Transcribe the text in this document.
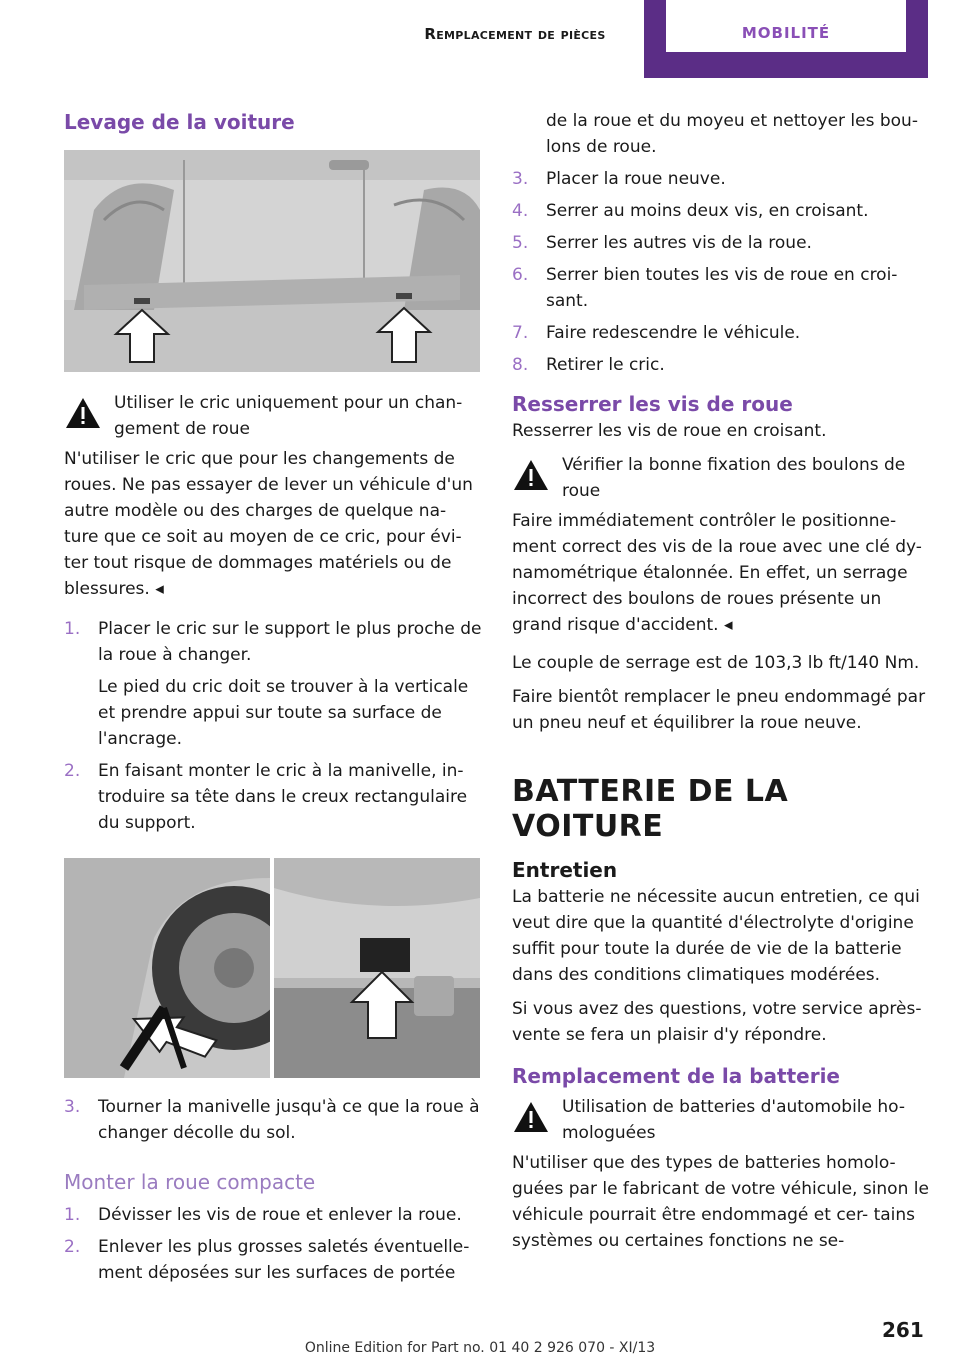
Remplacement de pièces	MOBILITÉ
Levage de la voiture
Utiliser le cric uniquement pour un chan- gement de roue

N'utiliser le cric que pour les changements de roues. Ne pas essayer de lever un véhicule d'un autre modèle ou des charges de quelque na- ture que ce soit au moyen de ce cric, pour évi- ter tout risque de dommages matériels ou de blessures. ◂

1. Placer le cric sur le support le plus proche de la roue à changer.
Le pied du cric doit se trouver à la verticale et prendre appui sur toute sa surface de l'ancrage.
2. En faisant monter le cric à la manivelle, in- troduire sa tête dans le creux rectangulaire du support.
3. Tourner la manivelle jusqu'à ce que la roue à changer décolle du sol.
Monter la roue compacte
1. Dévisser les vis de roue et enlever la roue.
2. Enlever les plus grosses saletés éventuelle- ment déposées sur les surfaces de portée

de la roue et du moyeu et nettoyer les bou- lons de roue.

3. Placer la roue neuve.
4. Serrer au moins deux vis, en croisant.
5. Serrer les autres vis de la roue.
6. Serrer bien toutes les vis de roue en croi- sant.
7. Faire redescendre le véhicule.
8. Retirer le cric.
Resserrer les vis de roue

Resserrer les vis de roue en croisant.

Vérifier la bonne fixation des boulons de roue

Faire immédiatement contrôler le positionne- ment correct des vis de la roue avec une clé dy- namométrique étalonnée. En effet, un serrage incorrect des boulons de roues présente un grand risque d'accident. ◂

Le couple de serrage est de 103,3 lb ft/140 Nm.

Faire bientôt remplacer le pneu endommagé par un pneu neuf et équilibrer la roue neuve.

BATTERIE DE LA VOITURE
Entretien

La batterie ne nécessite aucun entretien, ce qui veut dire que la quantité d'électrolyte d'origine suffit pour toute la durée de vie de la batterie dans des conditions climatiques modérées.

Si vous avez des questions, votre service après- vente se fera un plaisir d'y répondre.

Remplacement de la batterie
Utilisation de batteries d'automobile ho- mologuées

N'utiliser que des types de batteries homolo- guées par le fabricant de votre véhicule, sinon le véhicule pourrait être endommagé et cer- tains systèmes ou certaines fonctions ne se-

261
Online Edition for Part no. 01 40 2 926 070 - XI/13
